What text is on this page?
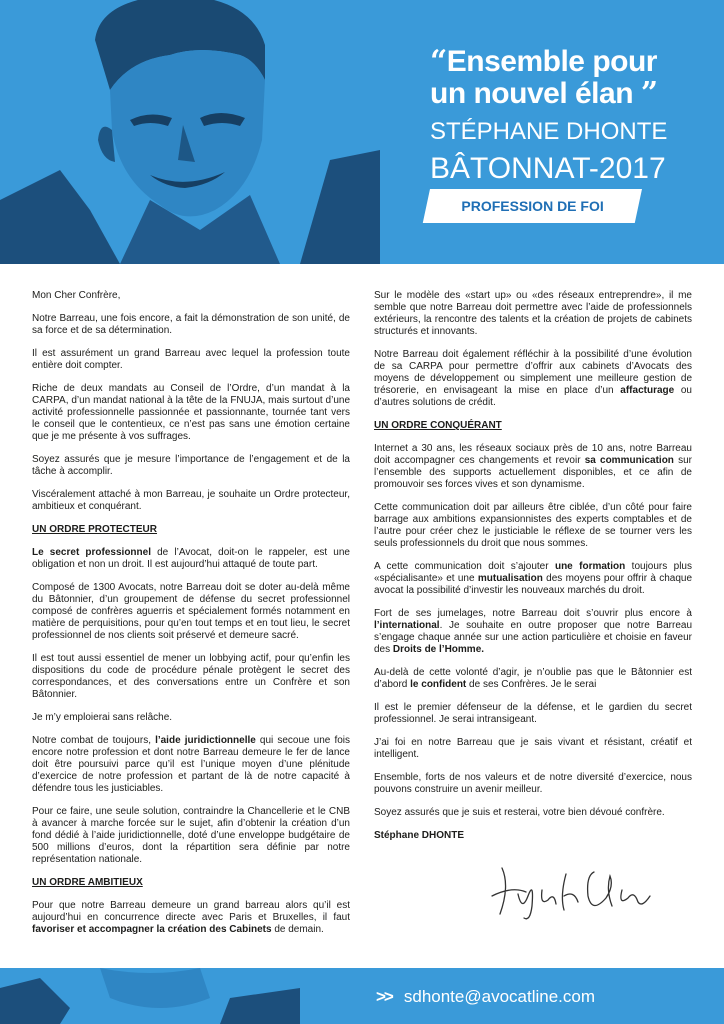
“Ensemble pour
un nouvel élan ”
STÉPHANE DHONTE
BÂTONNAT-2017
PROFESSION DE FOI

Mon Cher Confrère,

Notre Barreau, une fois encore, a fait la démonstration de son unité, de sa force et de sa détermination.

Il est assurément un grand Barreau avec lequel la profession toute entière doit compter.

Riche de deux mandats au Conseil de l’Ordre, d’un mandat à la CARPA, d’un mandat national à la tête de la FNUJA, mais surtout d’une activité professionnelle passionnée et passionnante, tournée tant vers le conseil que le contentieux, ce n’est pas sans une émotion certaine que je me présente à vos suffrages.

Soyez assurés que je mesure l’importance de l’engagement et de la tâche à accomplir.

Viscéralement attaché à mon Barreau, je souhaite un Ordre protecteur, ambitieux et conquérant.

UN ORDRE PROTECTEUR

Le secret professionnel de l’Avocat, doit-on le rappeler, est une obligation et non un droit. Il est aujourd’hui attaqué de toute part.

Composé de 1300 Avocats, notre Barreau doit se doter au-delà même du Bâtonnier, d’un groupement de défense du secret professionnel composé de confrères aguerris et spécialement formés notamment en matière de perquisitions, pour qu’en tout temps et en tout lieu, le secret professionnel de nos clients soit préservé et demeure sacré.

Il est tout aussi essentiel de mener un lobbying actif, pour qu’enfin les dispositions du code de procédure pénale protègent le secret des correspondances, et des conversations entre un Confrère et son Bâtonnier.

Je m’y emploierai sans relâche.

Notre combat de toujours, l’aide juridictionnelle qui secoue une fois encore notre profession et dont notre Barreau demeure le fer de lance doit être poursuivi parce qu’il est l’unique moyen d’une plénitude d’exercice de notre profession et partant de là de notre capacité à défendre tous les justiciables.

Pour ce faire, une seule solution, contraindre la Chancellerie et le CNB à avancer à marche forcée sur le sujet, afin d’obtenir la création d’un fond dédié à l’aide juridictionnelle, doté d’une enveloppe budgétaire de 500 millions d’euros, dont la répartition sera définie par notre représentation nationale.

UN ORDRE AMBITIEUX

Pour que notre Barreau demeure un grand barreau alors qu’il est aujourd’hui en concurrence directe avec Paris et Bruxelles, il faut favoriser et accompagner la création des Cabinets de demain.

Sur le modèle des «start up» ou «des réseaux entreprendre», il me semble que notre Barreau doit permettre avec l’aide de professionnels extérieurs, la rencontre des talents et la création de projets de cabinets structurés et innovants.

Notre Barreau doit également réfléchir à la possibilité d’une évolution de sa CARPA pour permettre d’offrir aux cabinets d’Avocats des moyens de développement ou simplement une meilleure gestion de trésorerie, en envisageant la mise en place d’un affacturage ou d’autres solutions de crédit.

UN ORDRE CONQUÉRANT

Internet a 30 ans, les réseaux sociaux près de 10 ans, notre Barreau doit accompagner ces changements et revoir sa communication sur l’ensemble des supports actuellement disponibles, et ce afin de promouvoir ses forces vives et son dynamisme.

Cette communication doit par ailleurs être ciblée, d’un côté pour faire barrage aux ambitions expansionnistes des experts comptables et de l’autre pour créer chez le justiciable le réflexe de se tourner vers les seuls professionnels du droit que nous sommes.

A cette communication doit s’ajouter une formation toujours plus «spécialisante» et une mutualisation des moyens pour offrir à chaque avocat la possibilité d’investir les nouveaux marchés du droit.

Fort de ses jumelages, notre Barreau doit s’ouvrir plus encore à l’international. Je souhaite en outre proposer que notre Barreau s’engage chaque année sur une action particulière et choisie en faveur des Droits de l’Homme.

Au-delà de cette volonté d’agir, je n’oublie pas que le Bâtonnier est d’abord le confident de ses Confrères. Je le serai

Il est le premier défenseur de la défense, et le gardien du secret professionnel. Je serai intransigeant.

J’ai foi en notre Barreau que je sais vivant et résistant, créatif et intelligent.

Ensemble, forts de nos valeurs et de notre diversité d’exercice, nous pouvons construire un avenir meilleur.

Soyez assurés que je suis et resterai, votre bien dévoué confrère.

Stéphane DHONTE

>> sdhonte@avocatline.com
